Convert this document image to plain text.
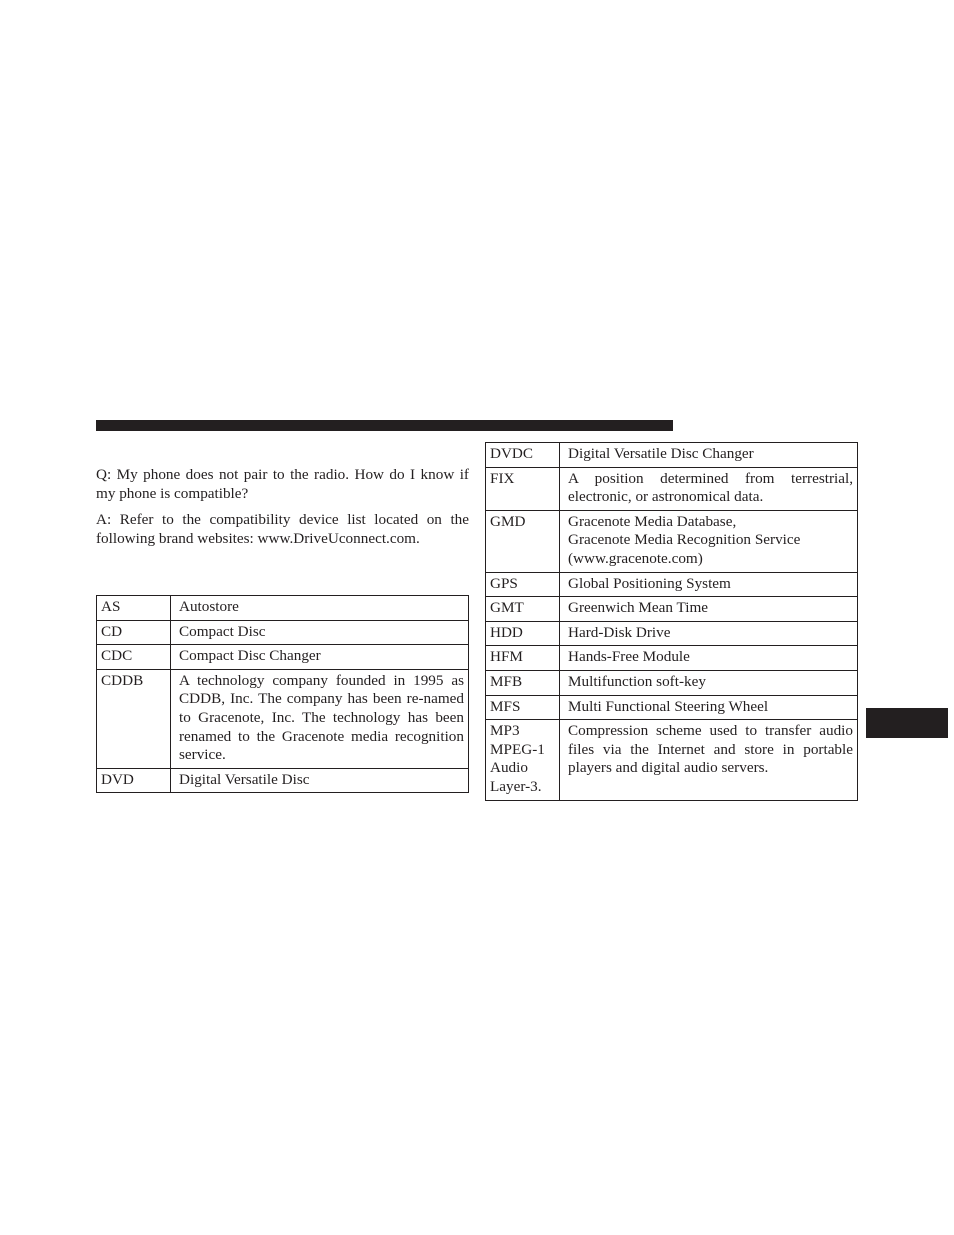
Q: My phone does not pair to the radio. How do I know if my phone is compatible?

A: Refer to the compatibility device list located on the following brand websites: www.DriveUconnect.com.

AS	Autostore
CD	Compact Disc
CDC	Compact Disc Changer
CDDB	A technology company founded in 1995 as CDDB, Inc. The company has been re-named to Gracenote, Inc. The technology has been renamed to the Gracenote media recognition service.
DVD	Digital Versatile Disc
DVDC	Digital Versatile Disc Changer
FIX	A position determined from terrestrial, electronic, or astronomical data.
GMD	Gracenote Media Database,
Gracenote Media Recognition Service
(www.gracenote.com)

GPS	Global Positioning System
GMT	Greenwich Mean Time
HDD	Hard-Disk Drive
HFM	Hands-Free Module
MFB	Multifunction soft-key
MFS	Multi Functional Steering Wheel

MP3
MPEG-1
Audio
Layer-3.	Compression scheme used to transfer audio files via the Internet and store in portable players and digital audio servers.
